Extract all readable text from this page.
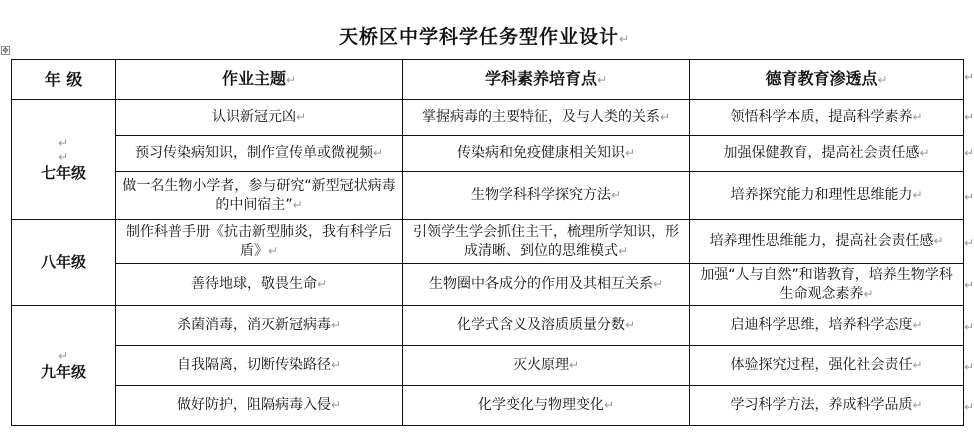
天桥区中学科学任务型作业设计↵
✥
年 级	作业主题↵	学科素养培育点↵	德育教育渗透点↵

↵
↵
七年级	认识新冠元凶↵	掌握病毒的主要特征，及与人类的关系↵	领悟科学本质，提高科学素养↵
	预习传染病知识，制作宣传单或微视频↵	传染病和免疫健康相关知识↵	加强保健教育，提高社会责任感↵
	做一名生物小学者，参与研究“新型冠状病毒的中间宿主”↵	生物学科科学探究方法↵	培养探究能力和理性思维能力↵
八年级	制作科普手册《抗击新型肺炎，我有科学后盾》↵	引领学生学会抓住主干，梳理所学知识，形成清晰、到位的思维模式↵	培养理性思维能力，提高社会责任感↵
	善待地球，敬畏生命↵	生物圈中各成分的作用及其相互关系↵	加强“人与自然”和谐教育，培养生物学科生命观念素养↵

↵
九年级	杀菌消毒，消灭新冠病毒↵	化学式含义及溶质质量分数↵	启迪科学思维，培养科学态度↵
	自我隔离，切断传染路径↵	灭火原理↵	体验探究过程，强化社会责任↵
	做好防护，阻隔病毒入侵↵	化学变化与物理变化↵	学习科学方法，养成科学品质↵
↵
↵
↵
↵
↵
↵
↵
↵
↵
